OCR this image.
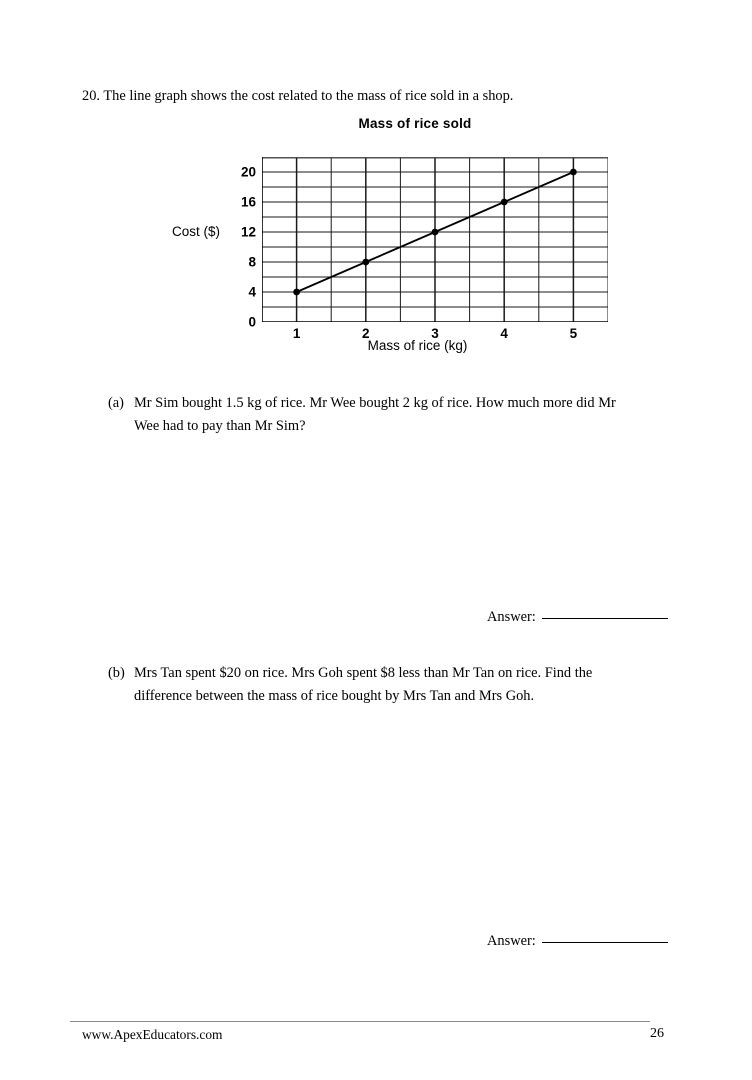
20. The line graph shows the cost related to the mass of rice sold in a shop.
Mass of rice sold
Cost ($)
Mass of rice (kg)
0
4
8
12
16
20
1	2	3	4	5
(a) Mr Sim bought 1.5 kg of rice. Mr Wee bought 2 kg of rice. How much more did Mr
Wee had to pay than Mr Sim?
Answer:
(b) Mrs Tan spent $20 on rice. Mrs Goh spent $8 less than Mr Tan on rice. Find the
difference between the mass of rice bought by Mrs Tan and Mrs Goh.
Answer:
www.ApexEducators.com	26
